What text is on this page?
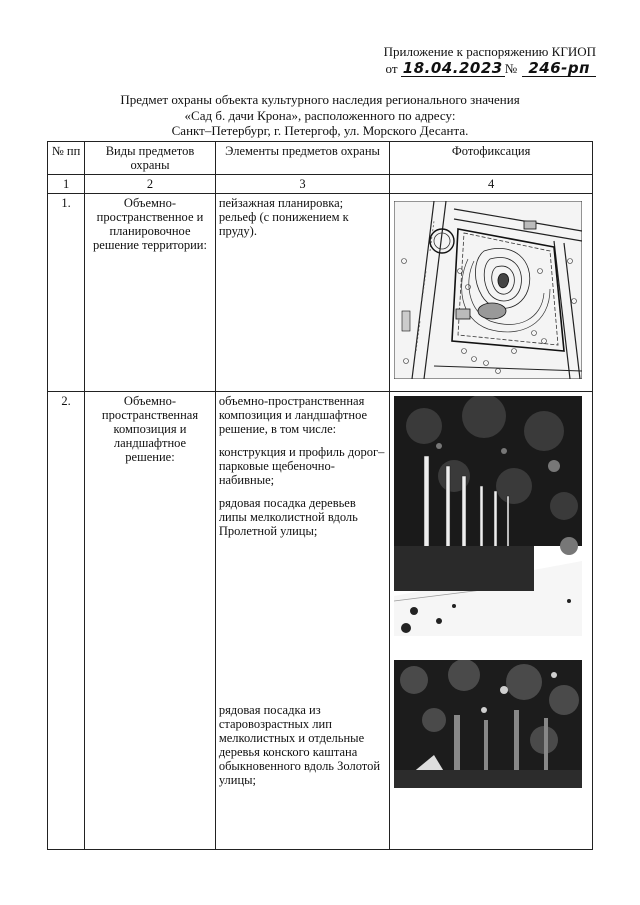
Приложение к распоряжению КГИОП
от 18.04.2023 № 246-рп
Предмет охраны объекта культурного наследия регионального значения
«Сад б. дачи Крона», расположенного по адресу:
Санкт–Петербург, г. Петергоф, ул. Морского Десанта.
№ пп	Виды предметов охраны	Элементы предметов охраны	Фотофиксация
1	2	3	4
1.	Объемно-пространственное и планировочное решение территории:	пейзажная планировка;
рельеф (с понижением к пруду).

2.	Объемно-пространственная композиция и ландшафтное решение:	объемно-пространственная композиция и ландшафтное решение, в том числе:

конструкция и профиль дорог– парковые щебеночно-набивные;

рядовая посадка деревьев липы мелколистной вдоль Пролетной улицы;

рядовая посадка из старовозрастных лип мелколистных и отдельные деревья конского каштана обыкновенного вдоль Золотой улицы;
